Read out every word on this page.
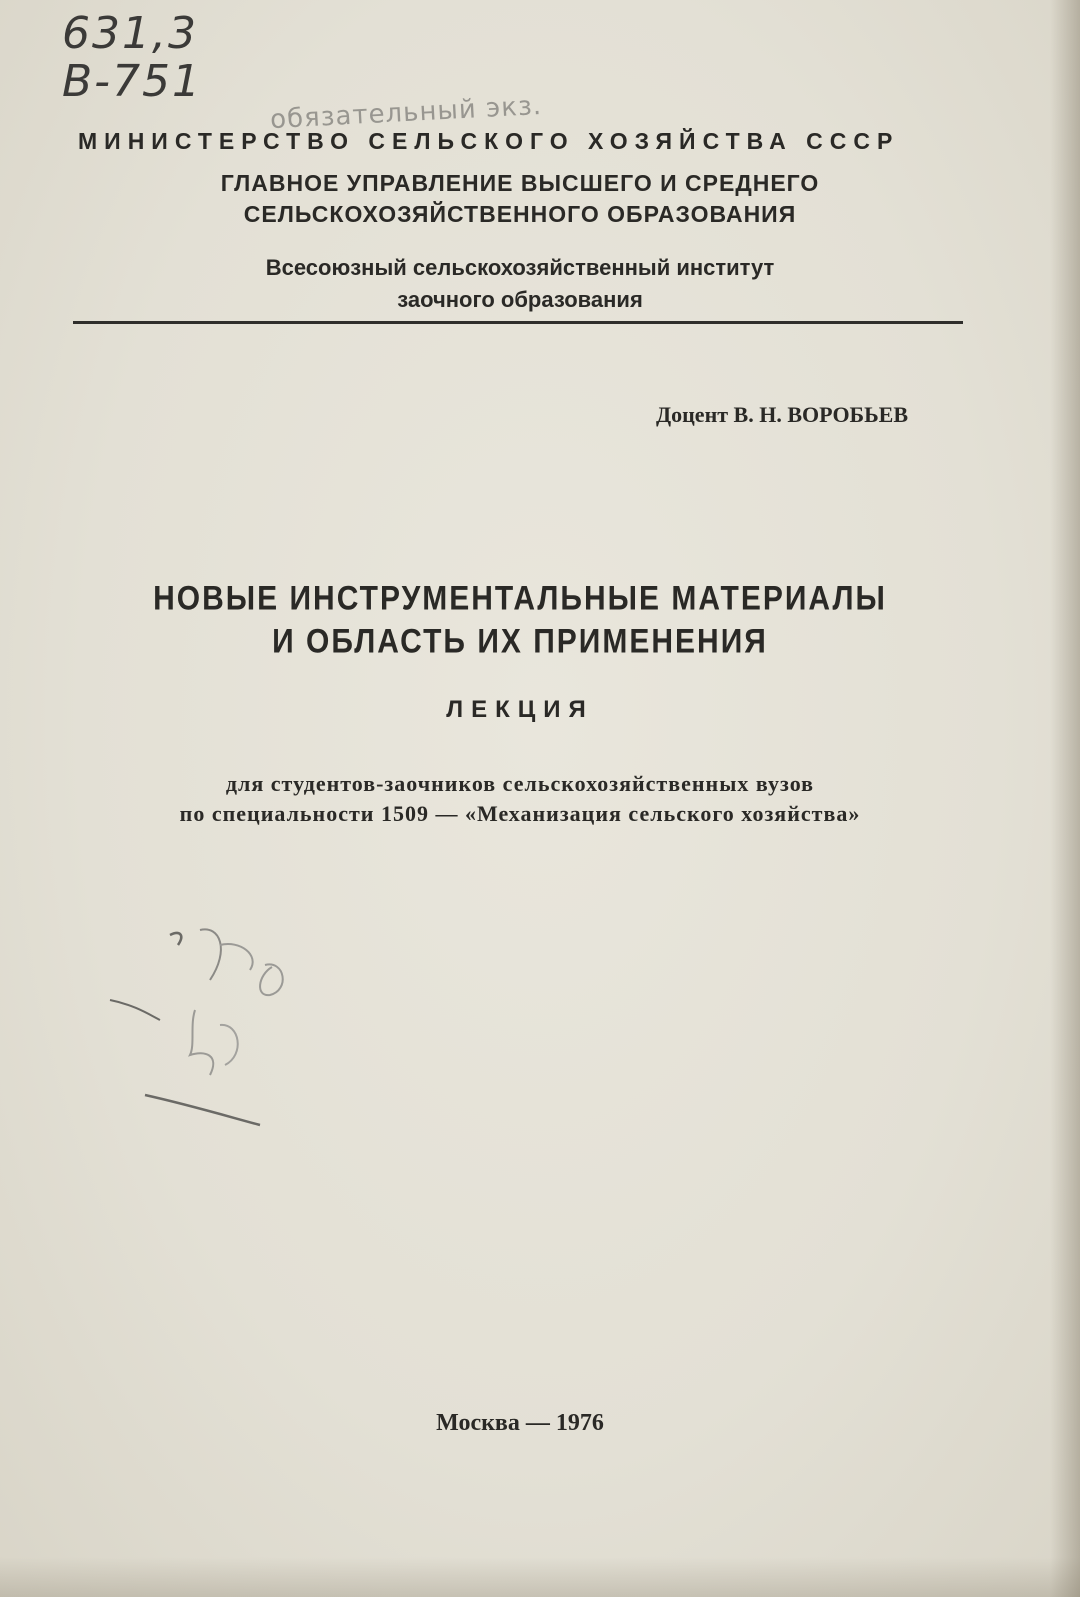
631,3
В-751
обязательный экз.
МИНИСТЕРСТВО СЕЛЬСКОГО ХОЗЯЙСТВА СССР
ГЛАВНОЕ УПРАВЛЕНИЕ ВЫСШЕГО И СРЕДНЕГО
СЕЛЬСКОХОЗЯЙСТВЕННОГО ОБРАЗОВАНИЯ
Всесоюзный сельскохозяйственный институт
заочного образования
Доцент В. Н. ВОРОБЬЕВ
НОВЫЕ ИНСТРУМЕНТАЛЬНЫЕ МАТЕРИАЛЫ
И ОБЛАСТЬ ИХ ПРИМЕНЕНИЯ
ЛЕКЦИЯ
для студентов-заочников сельскохозяйственных вузов
по специальности 1509 — «Механизация сельского хозяйства»
Москва — 1976
